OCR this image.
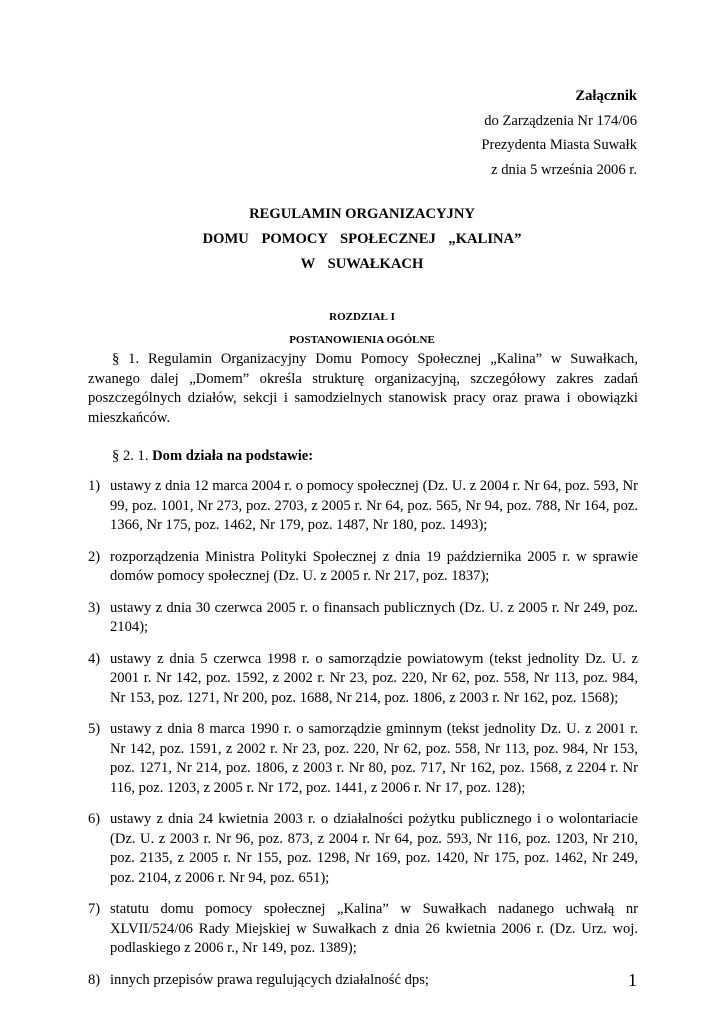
Załącznik
do Zarządzenia Nr 174/06
Prezydenta Miasta Suwałk
z dnia 5 września 2006 r.
REGULAMIN ORGANIZACYJNY
DOMU POMOCY SPOŁECZNEJ „KALINA”
W SUWAŁKACH
ROZDZIAŁ I
POSTANOWIENIA OGÓLNE
§ 1. Regulamin Organizacyjny Domu Pomocy Społecznej „Kalina” w Suwałkach, zwanego dalej „Domem” określa strukturę organizacyjną, szczegółowy zakres zadań poszczególnych działów, sekcji i samodzielnych stanowisk pracy oraz prawa i obowiązki mieszkańców.
§ 2. 1. Dom działa na podstawie:
1) ustawy z dnia 12 marca 2004 r. o pomocy społecznej (Dz. U. z 2004 r. Nr 64, poz. 593, Nr 99, poz. 1001, Nr 273, poz. 2703, z 2005 r. Nr 64, poz. 565, Nr 94, poz. 788, Nr 164, poz. 1366, Nr 175, poz. 1462, Nr 179, poz. 1487, Nr 180, poz. 1493);
2) rozporządzenia Ministra Polityki Społecznej z dnia 19 października 2005 r. w sprawie domów pomocy społecznej (Dz. U. z 2005 r. Nr 217, poz. 1837);
3) ustawy z dnia 30 czerwca 2005 r. o finansach publicznych (Dz. U. z 2005 r. Nr 249, poz. 2104);
4) ustawy z dnia 5 czerwca 1998 r. o samorządzie powiatowym (tekst jednolity Dz. U. z 2001 r. Nr 142, poz. 1592, z 2002 r. Nr 23, poz. 220, Nr 62, poz. 558, Nr 113, poz. 984, Nr 153, poz. 1271, Nr 200, poz. 1688, Nr 214, poz. 1806, z 2003 r. Nr 162, poz. 1568);
5) ustawy z dnia 8 marca 1990 r. o samorządzie gminnym (tekst jednolity Dz. U. z 2001 r. Nr 142, poz. 1591, z 2002 r. Nr 23, poz. 220, Nr 62, poz. 558, Nr 113, poz. 984, Nr 153, poz. 1271, Nr 214, poz. 1806, z 2003 r. Nr 80, poz. 717, Nr 162, poz. 1568, z 2204 r. Nr 116, poz. 1203, z 2005 r. Nr 172, poz. 1441, z 2006 r. Nr 17, poz. 128);
6) ustawy z dnia 24 kwietnia 2003 r. o działalności pożytku publicznego i o wolontariacie (Dz. U. z 2003 r. Nr 96, poz. 873, z 2004 r. Nr 64, poz. 593, Nr 116, poz. 1203, Nr 210, poz. 2135, z 2005 r. Nr 155, poz. 1298, Nr 169, poz. 1420, Nr 175, poz. 1462, Nr 249, poz. 2104, z 2006 r. Nr 94, poz. 651);
7) statutu domu pomocy społecznej „Kalina” w Suwałkach nadanego uchwałą nr XLVII/524/06 Rady Miejskiej w Suwałkach z dnia 26 kwietnia 2006 r. (Dz. Urz. woj. podlaskiego z 2006 r., Nr 149, poz. 1389);
8) innych przepisów prawa regulujących działalność dps;	1
